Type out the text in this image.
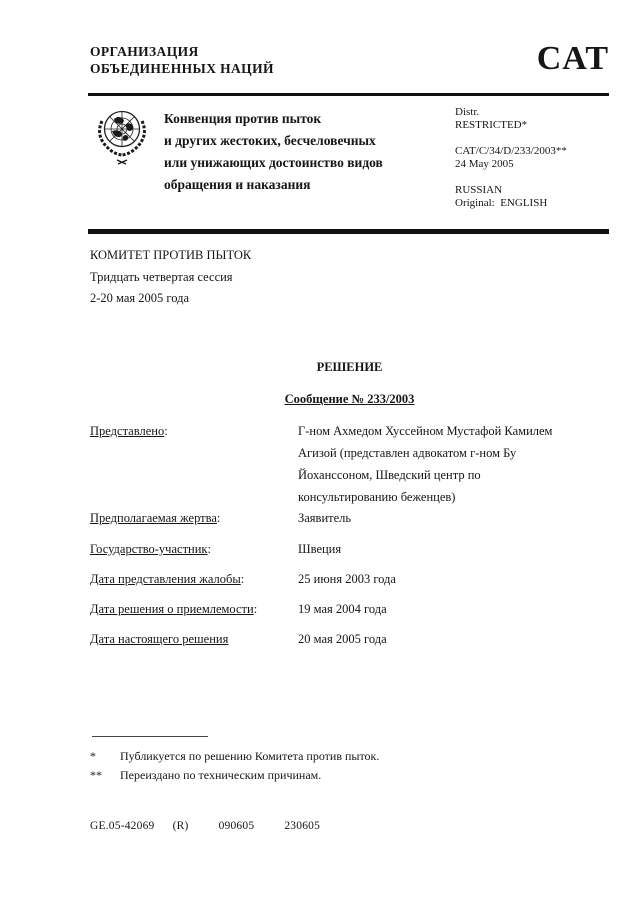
ОРГАНИЗАЦИЯ
ОБЪЕДИНЕННЫХ НАЦИЙ	CAT
Конвенция против пыток
и других жестоких, бесчеловечных
или унижающих достоинство видов
обращения и наказания
Distr.
RESTRICTED*
CAT/C/34/D/233/2003**
24 May 2005
RUSSIAN
Original:  ENGLISH
КОМИТЕТ ПРОТИВ ПЫТОК
Тридцать четвертая сессия
2-20 мая 2005 года
РЕШЕНИЕ
Сообщение № 233/2003
Представлено:	Г-ном Ахмедом Хуссейном Мустафой Камилем Агизой (представлен адвокатом г-ном Бу Йоханссоном, Шведский центр по консультированию беженцев)
Предполагаемая жертва:	Заявитель
Государство-участник:	Швеция
Дата представления жалобы:	25 июня 2003 года
Дата решения о приемлемости:	19 мая 2004 года
Дата настоящего решения	20 мая 2005 года
*	Публикуется по решению Комитета против пыток.
**	Переиздано по техническим причинам.
GE.05-42069 (R)	090605	230605
